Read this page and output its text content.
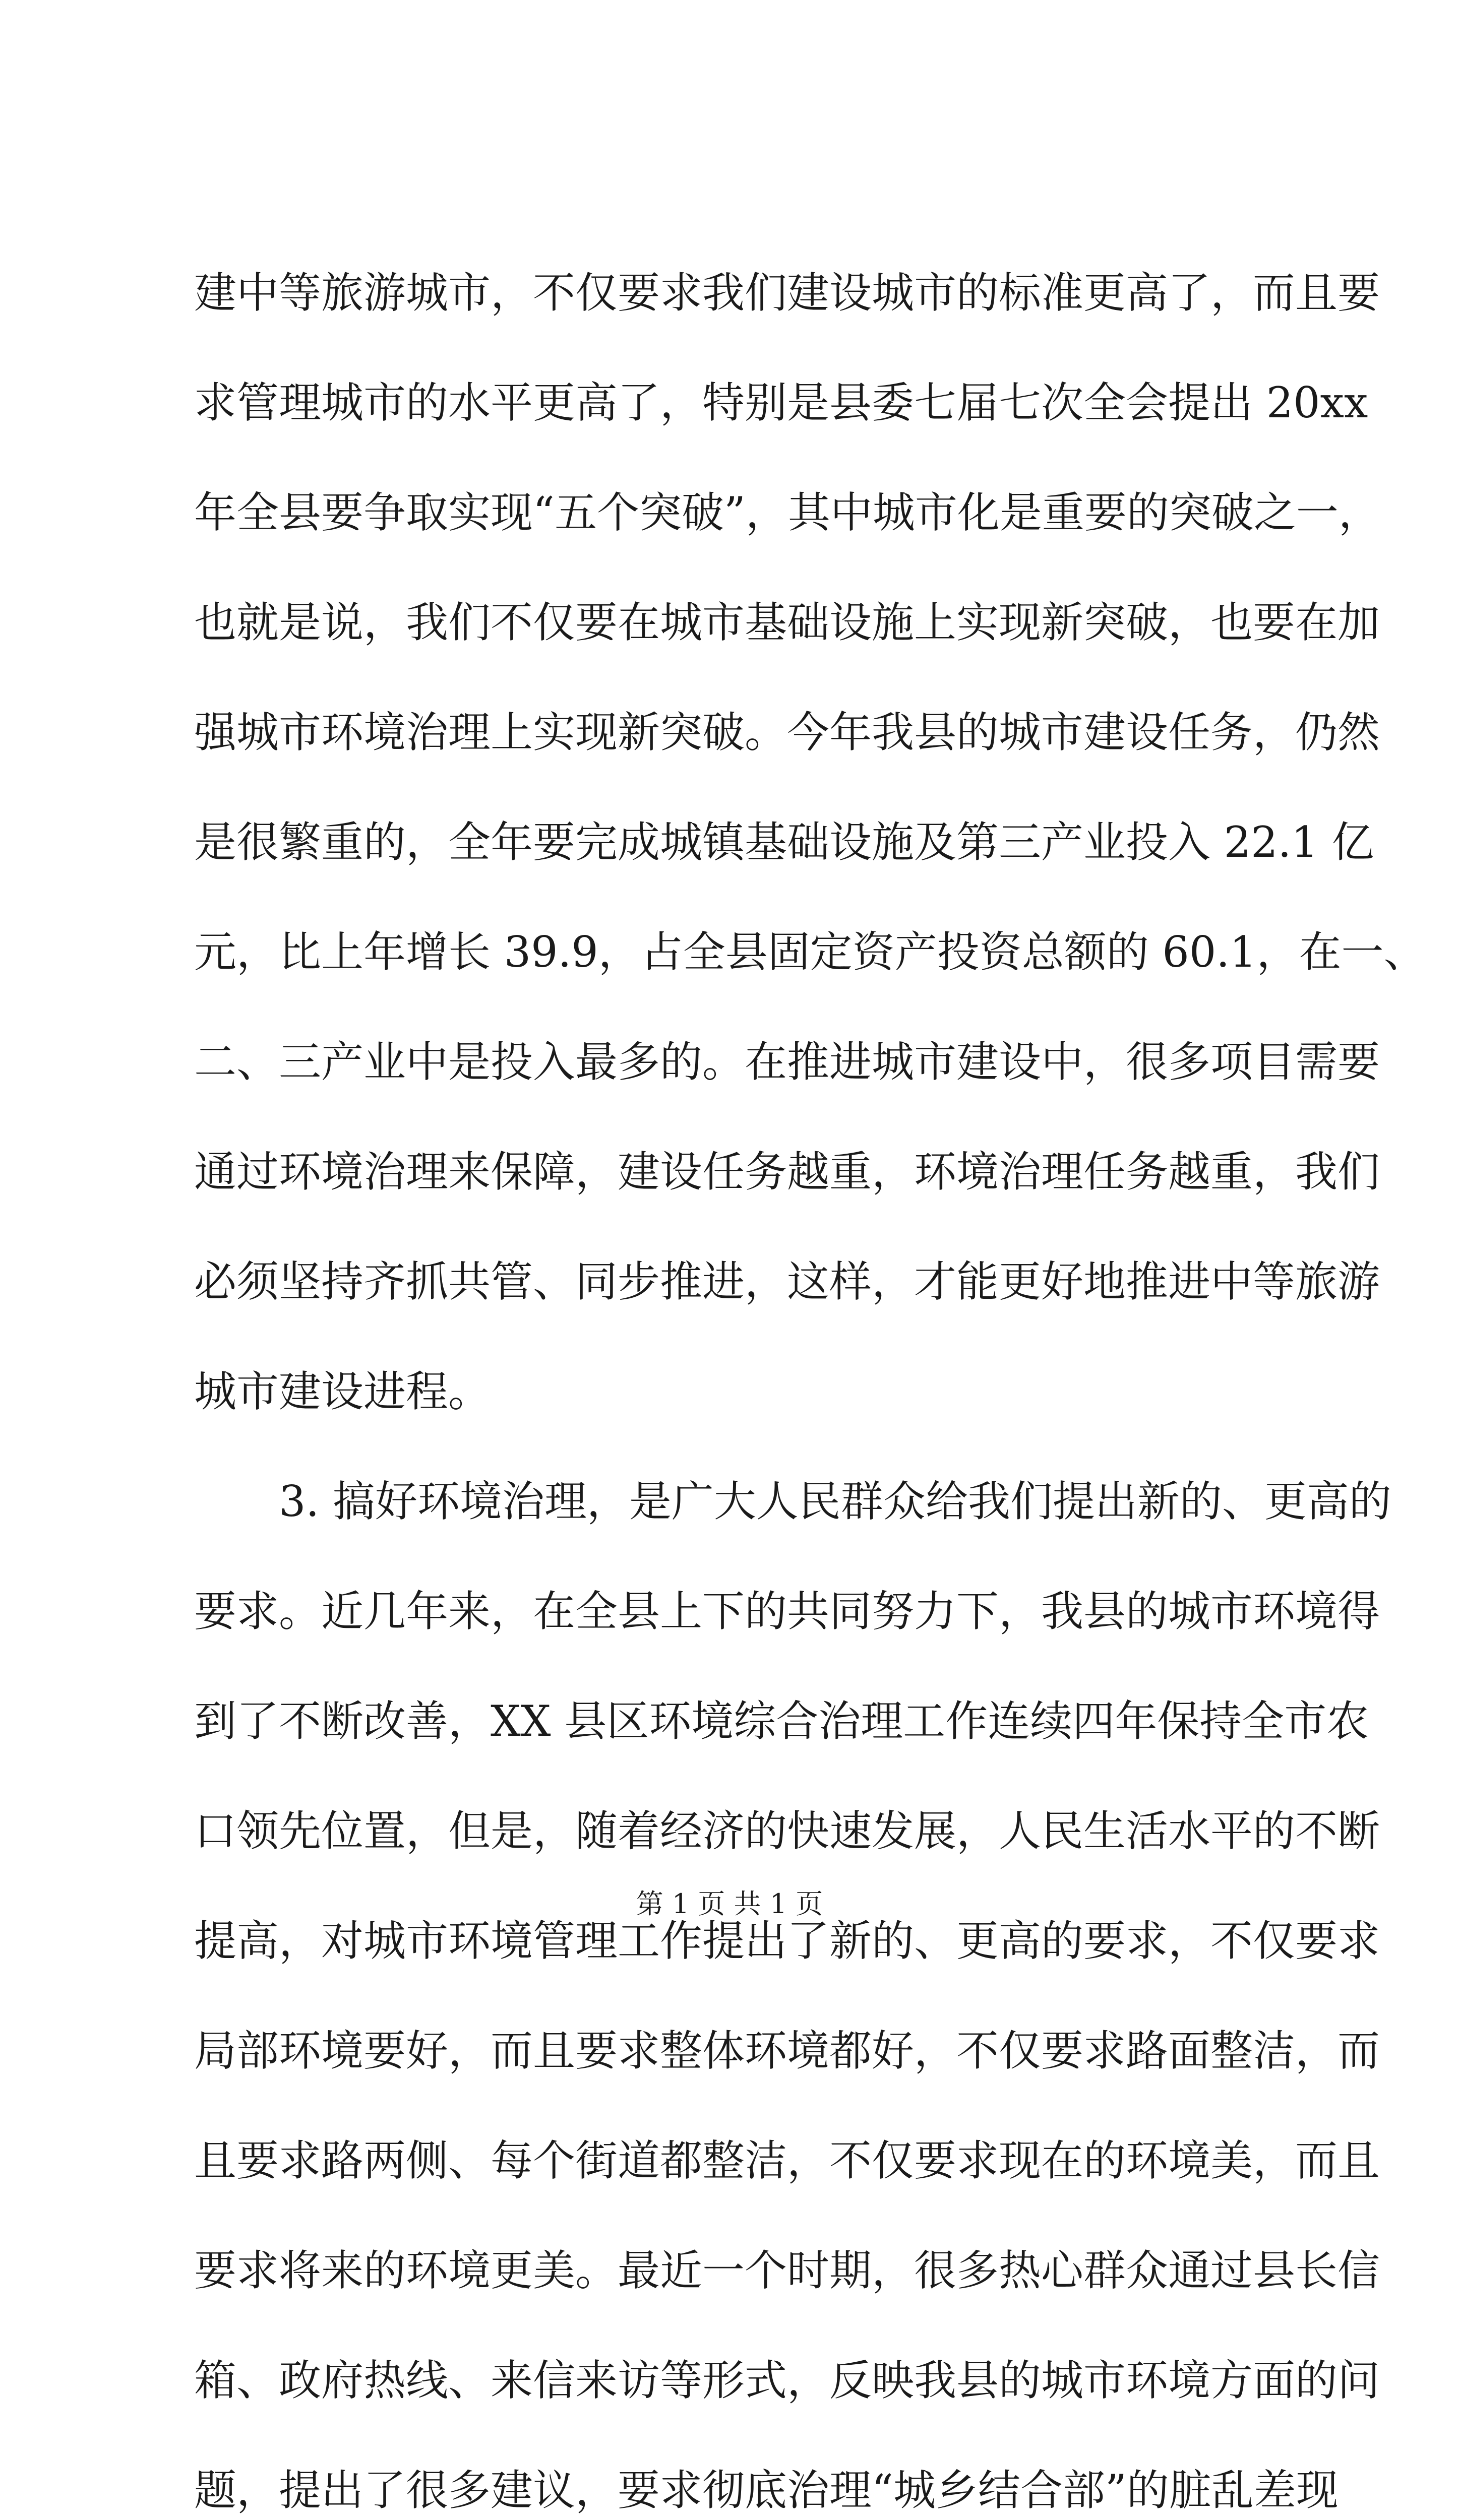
建中等旅游城市，不仅要求我们建设城市的标准更高了，而且要
求管理城市的水平更高了，特别是县委七届七次全会提出 20xx
年全县要争取实现“五个突破”，其中城市化是重要的突破之一，
也就是说，我们不仅要在城市基础设施上实现新突破，也要在加
强城市环境治理上实现新突破。今年我县的城市建设任务，仍然
是很繁重的，全年要完成城镇基础设施及第三产业投入 22.1 亿
元，比上年增长 39.9，占全县固定资产投资总额的 60.1，在一、
二、三产业中是投入最多的。在推进城市建设中，很多项目需要
通过环境治理来保障，建设任务越重，环境治理任务越重，我们
必须坚持齐抓共管、同步推进，这样，才能更好地推进中等旅游
城市建设进程。
　　3. 搞好环境治理，是广大人民群众给我们提出新的、更高的
要求。近几年来，在全县上下的共同努力下，我县的城市环境得
到了不断改善，XX 县区环境综合治理工作连续四年保持全市农
口领先位置，但是，随着经济的快速发展，人民生活水平的不断
提高，对城市环境管理工作提出了新的、更高的要求，不仅要求
局部环境要好，而且要求整体环境都好，不仅要求路面整洁，而
且要求路两侧、每个街道都整洁，不仅要求现在的环境美，而且
要求将来的环境更美。最近一个时期，很多热心群众通过县长信
箱、政府热线、来信来访等形式，反映我县的城市环境方面的问
题，提出了很多建议，要求彻底治理“城乡结合部”的脏乱差现
第 1 页 共 1 页
